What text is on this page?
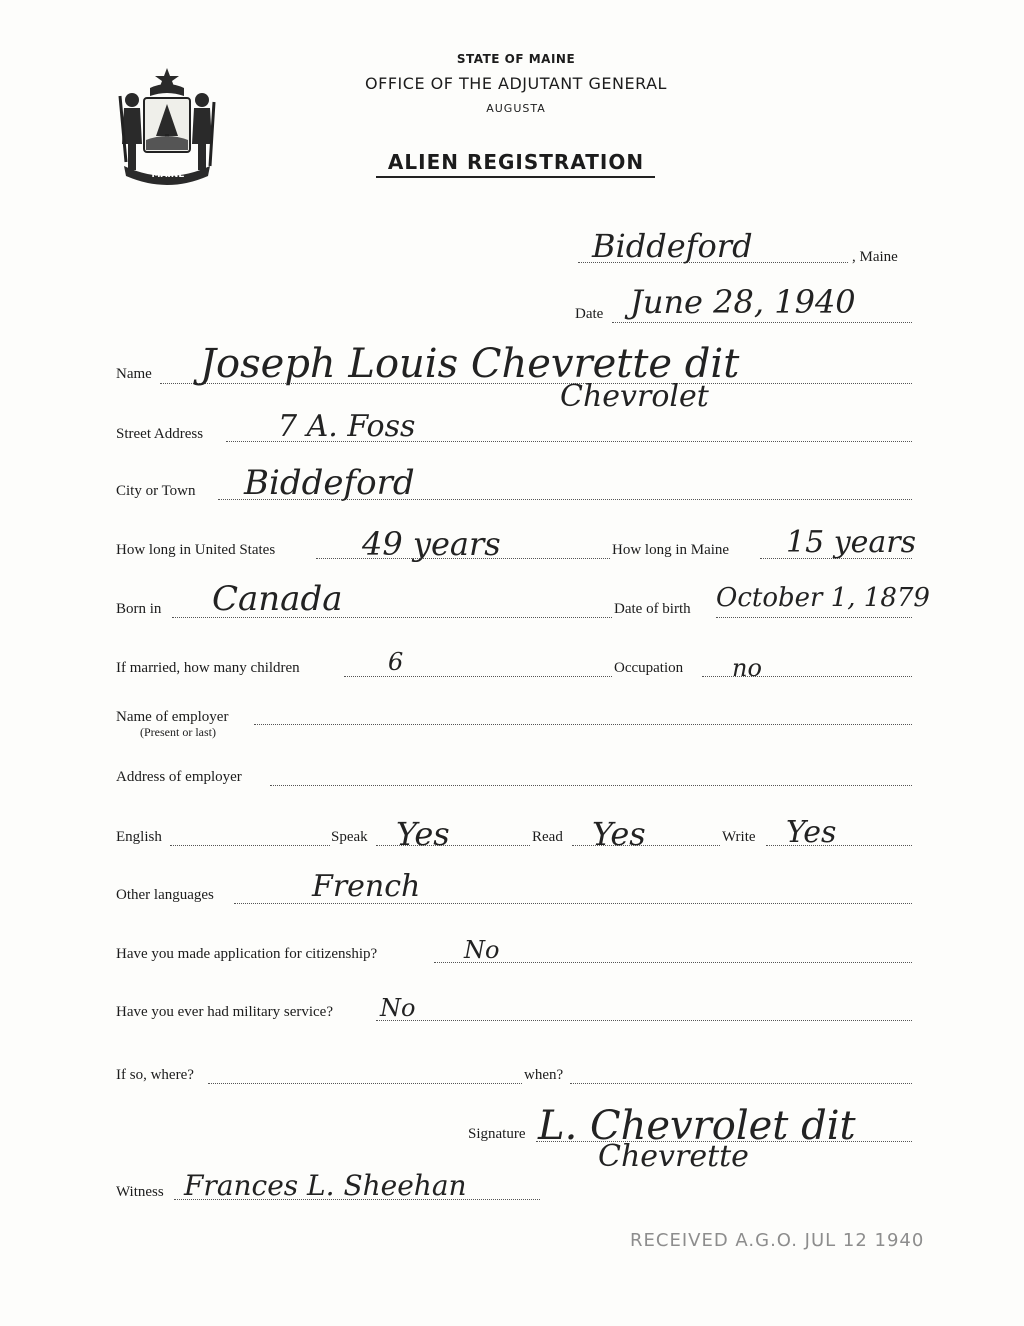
MAINE
STATE OF MAINE
OFFICE OF THE ADJUTANT GENERAL
AUGUSTA
ALIEN REGISTRATION
Biddeford	, Maine
Date June 28, 1940
Name Joseph Louis Chevrette dit
Chevrolet
Street Address 7 A. Foss
City or Town Biddeford
How long in United States	49 years	How long in Maine 15 years
Born in Canada	Date of birth October 1, 1879
If married, how many children	6	Occupation no
Name of employer
(Present or last)
Address of employer
English	Speak Yes	Read Yes	Write Yes
Other languages	French
Have you made application for citizenship?	No
Have you ever had military service? No
If so, where?	when?
Signature L. Chevrolet dit
Chevrette
Witness Frances L. Sheehan
RECEIVED A.G.O. JUL 12 1940
